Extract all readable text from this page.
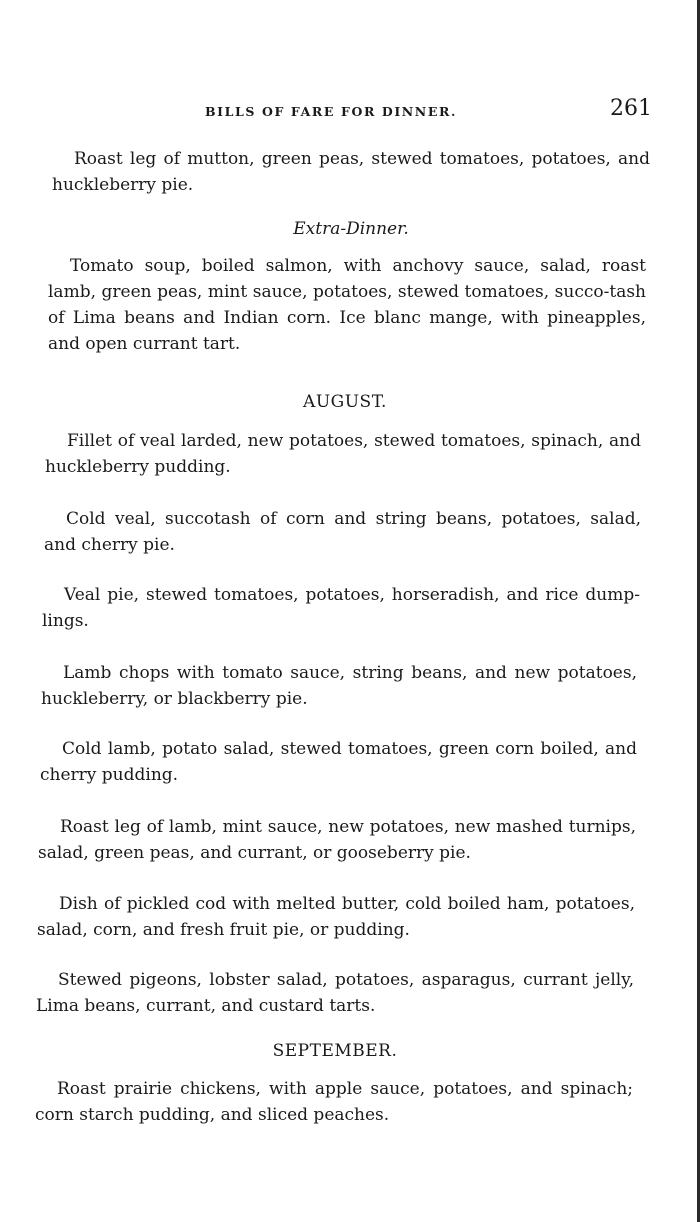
BILLS OF FARE FOR DINNER.	261

Roast leg of mutton, green peas, stewed tomatoes, potatoes, and huckleberry pie.

Extra-Dinner.

Tomato soup, boiled salmon, with anchovy sauce, salad, roast lamb, green peas, mint sauce, potatoes, stewed tomatoes, succo-tash of Lima beans and Indian corn. Ice blanc mange, with pineapples, and open currant tart.

AUGUST.

Fillet of veal larded, new potatoes, stewed tomatoes, spinach, and huckleberry pudding.

Cold veal, succotash of corn and string beans, potatoes, salad, and cherry pie.

Veal pie, stewed tomatoes, potatoes, horseradish, and rice dump-lings.

Lamb chops with tomato sauce, string beans, and new potatoes, huckleberry, or blackberry pie.

Cold lamb, potato salad, stewed tomatoes, green corn boiled, and cherry pudding.

Roast leg of lamb, mint sauce, new potatoes, new mashed turnips, salad, green peas, and currant, or gooseberry pie.

Dish of pickled cod with melted butter, cold boiled ham, potatoes, salad, corn, and fresh fruit pie, or pudding.

Stewed pigeons, lobster salad, potatoes, asparagus, currant jelly, Lima beans, currant, and custard tarts.

SEPTEMBER.

Roast prairie chickens, with apple sauce, potatoes, and spinach; corn starch pudding, and sliced peaches.
